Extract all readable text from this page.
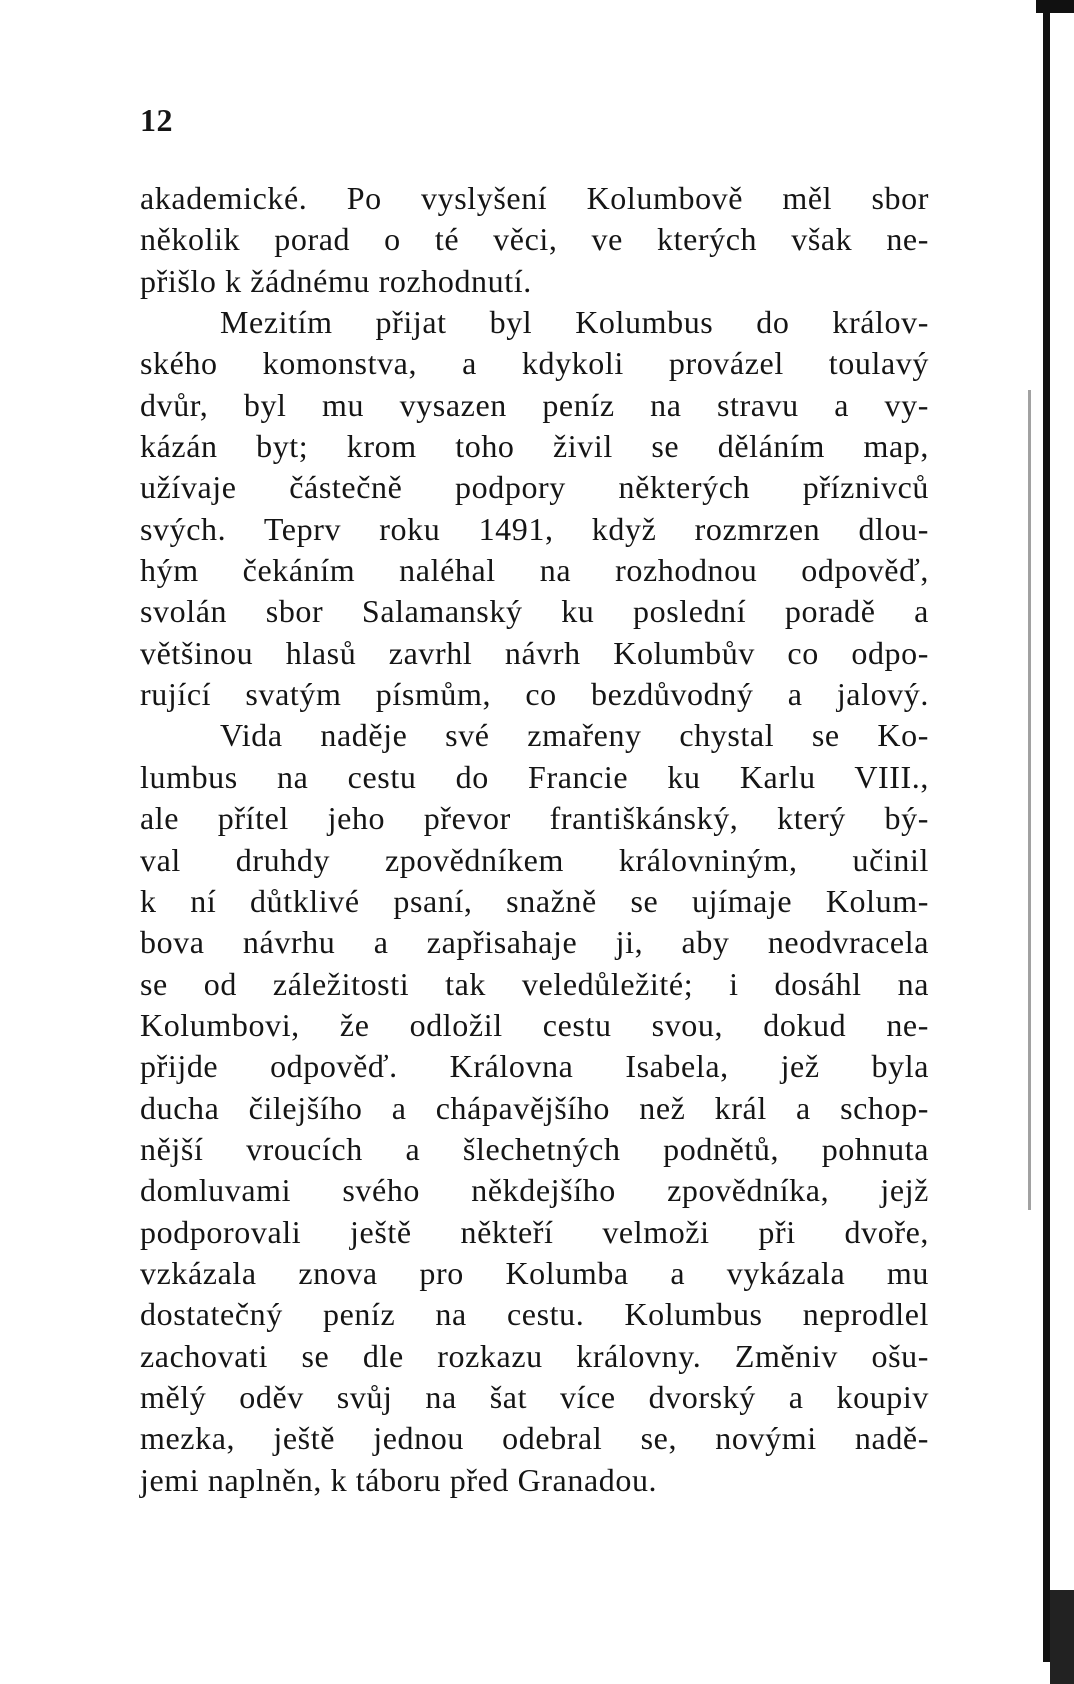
12
akademické. Po vyslyšení Kolumbově měl sbor
několik porad o té věci, ve kterých však ne-
přišlo k žádnému rozhodnutí.
Mezitím přijat byl Kolumbus do králov-
ského komonstva, a kdykoli provázel toulavý
dvůr, byl mu vysazen peníz na stravu a vy-
kázán byt; krom toho živil se děláním map,
užívaje částečně podpory některých příznivců
svých. Teprv roku 1491, když rozmrzen dlou-
hým čekáním naléhal na rozhodnou odpověď,
svolán sbor Salamanský ku poslední poradě a
většinou hlasů zavrhl návrh Kolumbův co odpo-
rující svatým písmům, co bezdůvodný a jalový.
Vida naděje své zmařeny chystal se Ko-
lumbus na cestu do Francie ku Karlu VIII.,
ale přítel jeho převor františkánský, který bý-
val druhdy zpovědníkem královniným, učinil
k ní důtklivé psaní, snažně se ujímaje Kolum-
bova návrhu a zapřisahaje ji, aby neodvracela
se od záležitosti tak veledůležité; i dosáhl na
Kolumbovi, že odložil cestu svou, dokud ne-
přijde odpověď. Královna Isabela, jež byla
ducha čilejšího a chápavějšího než král a schop-
nější vroucích a šlechetných podnětů, pohnuta
domluvami svého někdejšího zpovědníka, jejž
podporovali ještě někteří velmoži při dvoře,
vzkázala znova pro Kolumba a vykázala mu
dostatečný peníz na cestu. Kolumbus neprodlel
zachovati se dle rozkazu královny. Změniv ošu-
mělý oděv svůj na šat více dvorský a koupiv
mezka, ještě jednou odebral se, novými nadě-
jemi naplněn, k táboru před Granadou.
